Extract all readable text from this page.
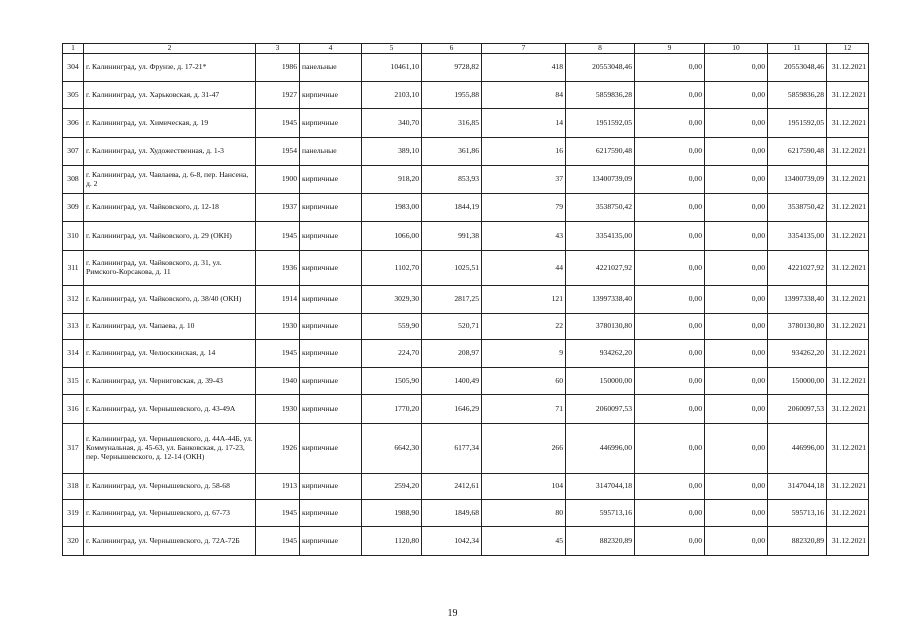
1	2	3	4	5	6	7	8	9	10	11	12
304	г. Калининград, ул. Фрунзе, д. 17-21*	1986	панельные	10461,10	9728,82	418	20553048,46	0,00	0,00	20553048,46	31.12.2021
305	г. Калининград, ул. Харьковская, д. 31-47	1927	кирпичные	2103,10	1955,88	84	5859836,28	0,00	0,00	5859836,28	31.12.2021
306	г. Калининград, ул. Химическая, д. 19	1945	кирпичные	340,70	316,85	14	1951592,05	0,00	0,00	1951592,05	31.12.2021
307	г. Калининград, ул. Художественная, д. 1-3	1954	панельные	389,10	361,86	16	6217590,48	0,00	0,00	6217590,48	31.12.2021
308	г. Калининград, ул. Чавлаева, д. 6-8, пер. Нансена, д. 2	1900	кирпичные	918,20	853,93	37	13400739,09	0,00	0,00	13400739,09	31.12.2021
309	г. Калининград, ул. Чайковского, д. 12-18	1937	кирпичные	1983,00	1844,19	79	3538750,42	0,00	0,00	3538750,42	31.12.2021
310	г. Калининград, ул. Чайковского, д. 29 (ОКН)	1945	кирпичные	1066,00	991,38	43	3354135,00	0,00	0,00	3354135,00	31.12.2021
311	г. Калининград, ул. Чайковского, д. 31, ул. Римского-Корсакова, д. 11	1936	кирпичные	1102,70	1025,51	44	4221027,92	0,00	0,00	4221027,92	31.12.2021
312	г. Калининград, ул. Чайковского, д. 38/40 (ОКН)	1914	кирпичные	3029,30	2817,25	121	13997338,40	0,00	0,00	13997338,40	31.12.2021
313	г. Калининград, ул. Чапаева, д. 10	1930	кирпичные	559,90	520,71	22	3780130,80	0,00	0,00	3780130,80	31.12.2021
314	г. Калининград, ул. Челюскинская, д. 14	1945	кирпичные	224,70	208,97	9	934262,20	0,00	0,00	934262,20	31.12.2021
315	г. Калининград, ул. Черниговская, д. 39-43	1940	кирпичные	1505,90	1400,49	60	150000,00	0,00	0,00	150000,00	31.12.2021
316	г. Калининград, ул. Чернышевского, д. 43-49А	1930	кирпичные	1770,20	1646,29	71	2060097,53	0,00	0,00	2060097,53	31.12.2021
317	г. Калининград, ул. Чернышевского, д. 44А-44Б, ул. Коммунальная, д. 45-63, ул. Банковская, д. 17-23, пер. Чернышевского, д. 12-14 (ОКН)	1926	кирпичные	6642,30	6177,34	266	446996,00	0,00	0,00	446996,00	31.12.2021
318	г. Калининград, ул. Чернышевского, д. 58-68	1913	кирпичные	2594,20	2412,61	104	3147044,18	0,00	0,00	3147044,18	31.12.2021
319	г. Калининград, ул. Чернышевского, д. 67-73	1945	кирпичные	1988,90	1849,68	80	595713,16	0,00	0,00	595713,16	31.12.2021
320	г. Калининград, ул. Чернышевского, д. 72А-72Б	1945	кирпичные	1120,80	1042,34	45	882320,89	0,00	0,00	882320,89	31.12.2021
19
